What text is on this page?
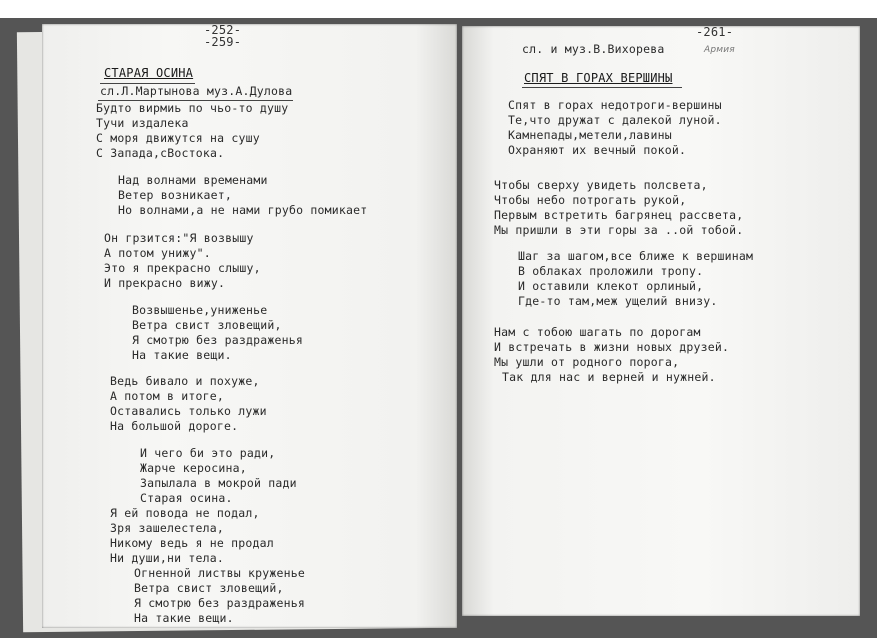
-252-
-259-
СТАРАЯ ОСИНА
сл.Л.Мартынова муз.А.Дулова
Будто вирмиь по чьо-то душу
Тучи издалека
С моря движутся на сушу
С Запада,сВостока.
Над волнами временами
Ветер возникает,
Но волнами,а не нами грубо помикает
Он грзится:"Я возвышу
А потом унижу".
Это я прекрасно слышу,
И прекрасно вижу.
Возвышенье,униженье
Ветра свист зловещий,
Я смотрю без раздраженья
На такие вещи.
Ведь бивало и похуже,
А потом в итоге,
Оставались только лужи
На большой дороге.
И чего би это ради,
Жарче керосина,
Запылала в мокрой пади
Старая осина.
Я ей повода не подал,
Зря зашелестела,
Никому ведь я не продал
Ни души,ни тела.
Огненной листвы круженье
Ветра свист зловещий,
Я смотрю без раздраженья
На такие вещи.
-261-
сл. и муз.В.Вихорева	Армия
СПЯТ В ГОРАХ ВЕРШИНЫ
Спят в горах недотроги-вершины
Те,что дружат с далекой луной.
Камнепады,метели,лавины
Охраняют их вечный покой.
Чтобы сверху увидеть полсвета,
Чтобы небо потрогать рукой,
Первым встретить багрянец рассвета,
Мы пришли в эти горы за ..ой тобой.
Шаг за шагом,все ближе к вершинам
В облаках проложили тропу.
И оставили клекот орлиный,
Где-то там,меж ущелий внизу.
Нам с тобою шагать по дорогам
И встречать в жизни новых друзей.
Мы ушли от родного порога,
Так для нас и верней и нужней.
